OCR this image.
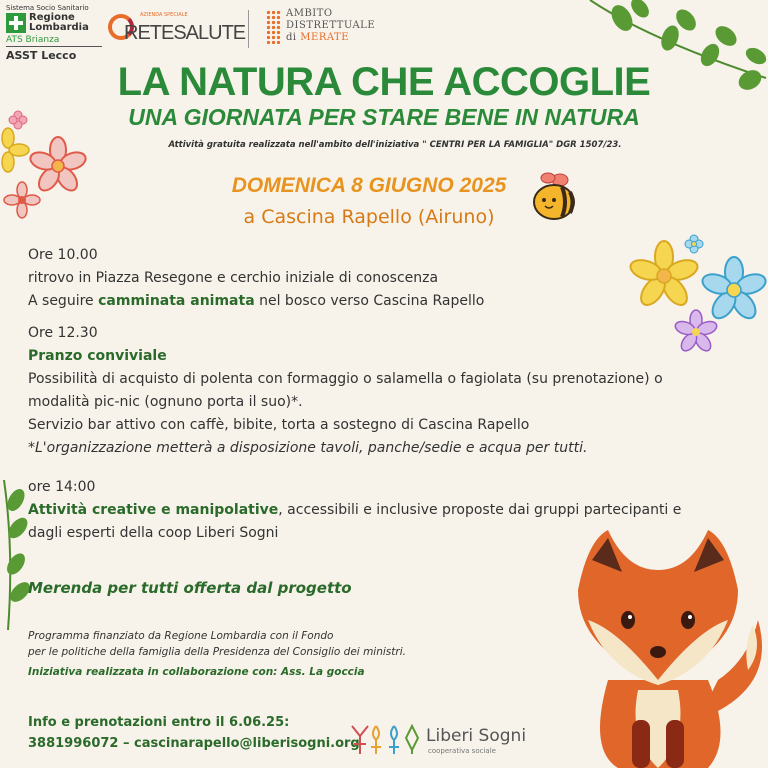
Sistema Socio Sanitario
Regione
Lombardia
ATS Brianza
ASST Lecco
AZIENDA SPECIALE
RETESALUTE
AMBITO
DISTRETTUALE
di MERATE
LA NATURA CHE ACCOGLIE
UNA GIORNATA PER STARE BENE IN NATURA
Attività gratuita realizzata nell'ambito dell'iniziativa " CENTRI PER LA FAMIGLIA" DGR 1507/23.
DOMENICA 8 GIUGNO 2025
a Cascina Rapello (Airuno)
Ore 10.00
ritrovo in Piazza Resegone e cerchio iniziale di conoscenza
A seguire camminata animata nel bosco verso Cascina Rapello
Ore 12.30
Pranzo conviviale
Possibilità di acquisto di polenta con formaggio o salamella o fagiolata (su prenotazione) o
modalità pic-nic (ognuno porta il suo)*.
Servizio bar attivo con caffè, bibite, torta a sostegno di Cascina Rapello
*L'organizzazione metterà a disposizione tavoli, panche/sedie e acqua per tutti.
ore 14:00
Attività creative e manipolative, accessibili e inclusive proposte dai gruppi partecipanti e
dagli esperti della coop Liberi Sogni
Merenda per tutti offerta dal progetto
Programma finanziato da Regione Lombardia con il Fondo
per le politiche della famiglia della Presidenza del Consiglio dei ministri.
Iniziativa realizzata in collaborazione con: Ass. La goccia
Info e prenotazioni entro il 6.06.25:
3881996072 – cascinarapello@liberisogni.org	Liberi Sogni
cooperativa sociale
